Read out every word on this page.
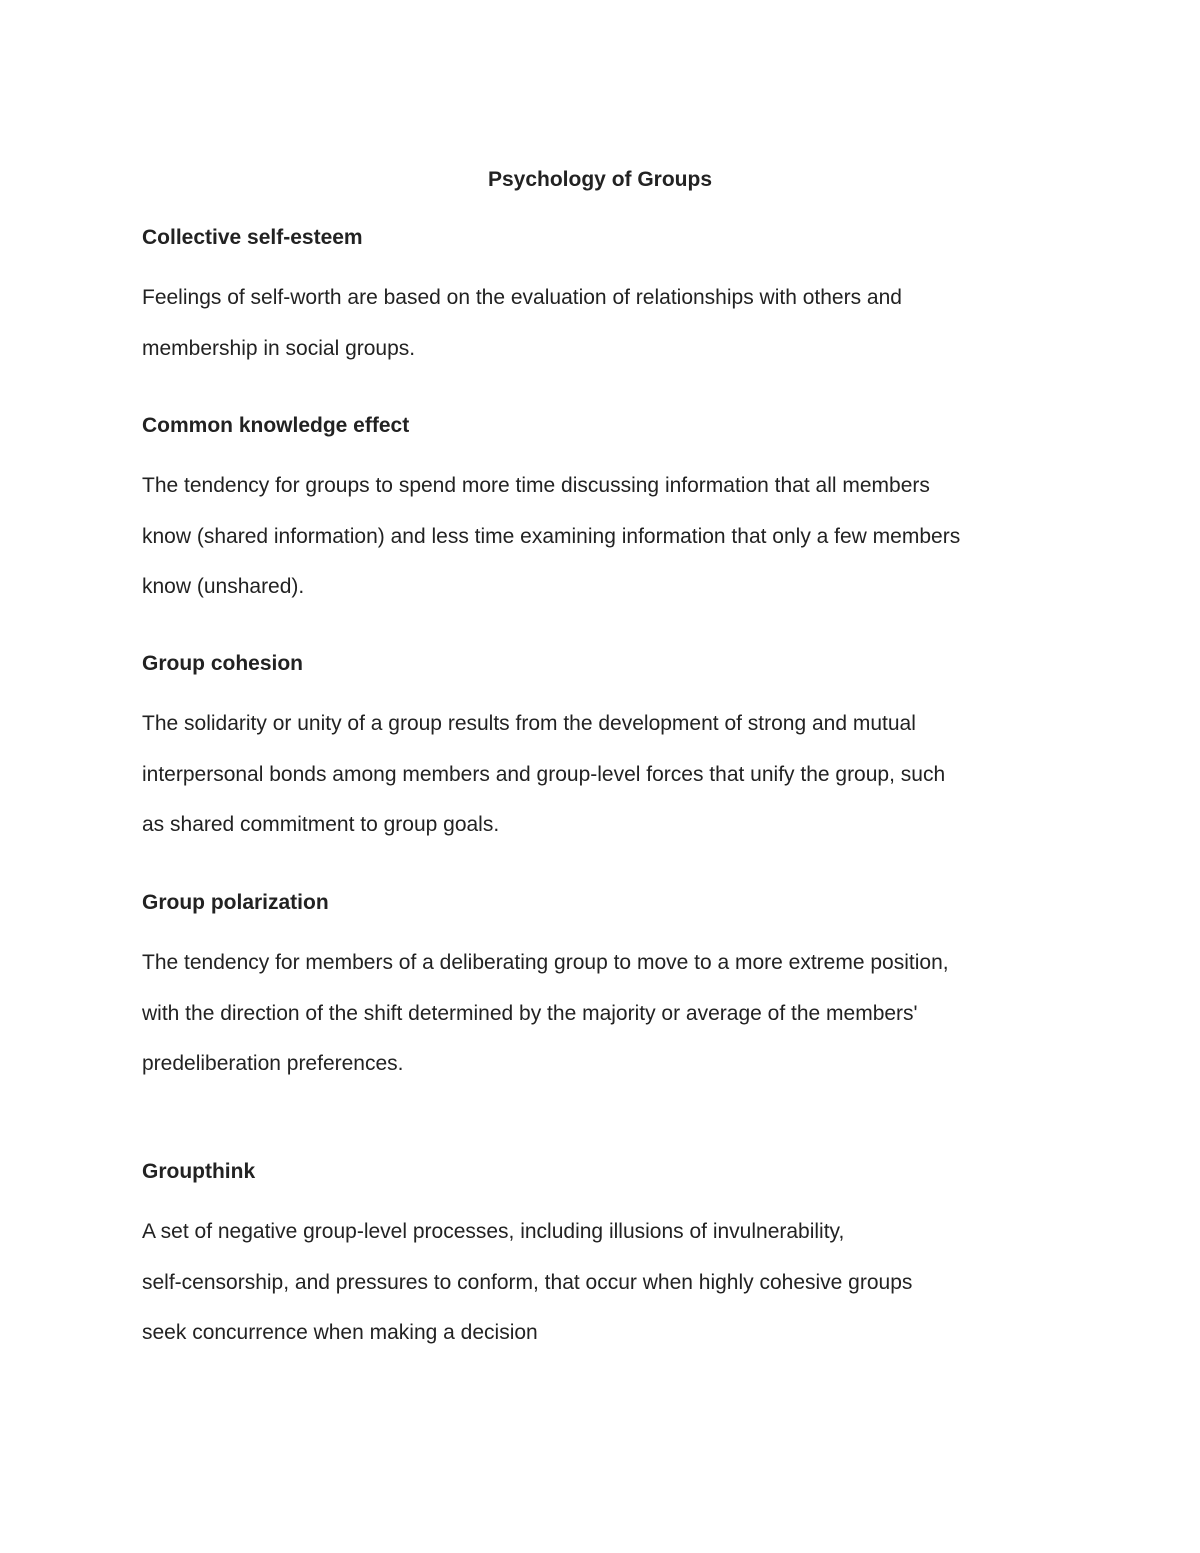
Psychology of Groups
Collective self-esteem

Feelings of self-worth are based on the evaluation of relationships with others and
membership in social groups.

Common knowledge effect

The tendency for groups to spend more time discussing information that all members
know (shared information) and less time examining information that only a few members
know (unshared).

Group cohesion

The solidarity or unity of a group results from the development of strong and mutual
interpersonal bonds among members and group-level forces that unify the group, such
as shared commitment to group goals.

Group polarization

The tendency for members of a deliberating group to move to a more extreme position,
with the direction of the shift determined by the majority or average of the members'
predeliberation preferences.

Groupthink

A set of negative group-level processes, including illusions of invulnerability,
self-censorship, and pressures to conform, that occur when highly cohesive groups
seek concurrence when making a decision
